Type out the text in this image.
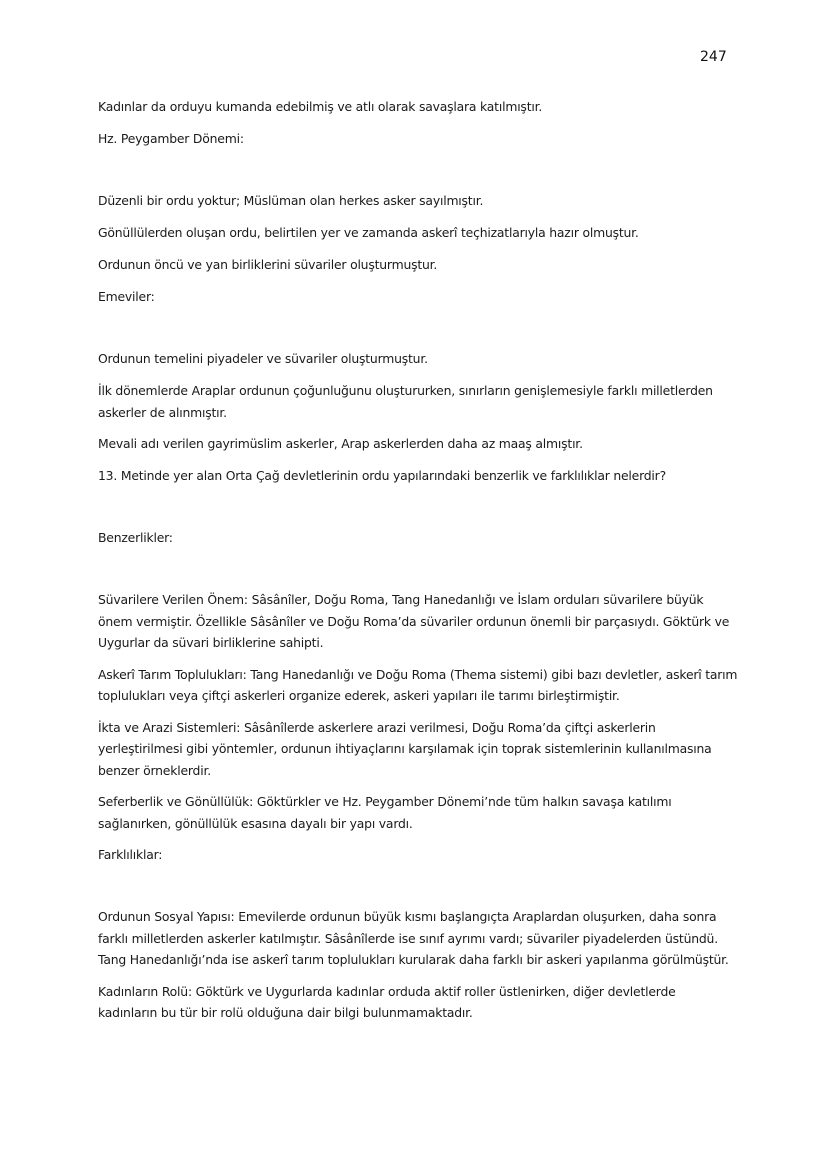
247

Kadınlar da orduyu kumanda edebilmiş ve atlı olarak savaşlara katılmıştır.

Hz. Peygamber Dönemi:

Düzenli bir ordu yoktur; Müslüman olan herkes asker sayılmıştır.

Gönüllülerden oluşan ordu, belirtilen yer ve zamanda askerî teçhizatlarıyla hazır olmuştur.

Ordunun öncü ve yan birliklerini süvariler oluşturmuştur.

Emeviler:

Ordunun temelini piyadeler ve süvariler oluşturmuştur.

İlk dönemlerde Araplar ordunun çoğunluğunu oluştururken, sınırların genişlemesiyle farklı milletlerden askerler de alınmıştır.

Mevali adı verilen gayrimüslim askerler, Arap askerlerden daha az maaş almıştır.

13. Metinde yer alan Orta Çağ devletlerinin ordu yapılarındaki benzerlik ve farklılıklar nelerdir?

Benzerlikler:

Süvarilere Verilen Önem: Sâsânîler, Doğu Roma, Tang Hanedanlığı ve İslam orduları süvarilere büyük önem vermiştir. Özellikle Sâsânîler ve Doğu Roma’da süvariler ordunun önemli bir parçasıydı. Göktürk ve Uygurlar da süvari birliklerine sahipti.

Askerî Tarım Toplulukları: Tang Hanedanlığı ve Doğu Roma (Thema sistemi) gibi bazı devletler, askerî tarım toplulukları veya çiftçi askerleri organize ederek, askeri yapıları ile tarımı birleştirmiştir.

İkta ve Arazi Sistemleri: Sâsânîlerde askerlere arazi verilmesi, Doğu Roma’da çiftçi askerlerin yerleştirilmesi gibi yöntemler, ordunun ihtiyaçlarını karşılamak için toprak sistemlerinin kullanılmasına benzer örneklerdir.

Seferberlik ve Gönüllülük: Göktürkler ve Hz. Peygamber Dönemi’nde tüm halkın savaşa katılımı sağlanırken, gönüllülük esasına dayalı bir yapı vardı.

Farklılıklar:

Ordunun Sosyal Yapısı: Emevilerde ordunun büyük kısmı başlangıçta Araplardan oluşurken, daha sonra farklı milletlerden askerler katılmıştır. Sâsânîlerde ise sınıf ayrımı vardı; süvariler piyadelerden üstündü. Tang Hanedanlığı’nda ise askerî tarım toplulukları kurularak daha farklı bir askeri yapılanma görülmüştür.

Kadınların Rolü: Göktürk ve Uygurlarda kadınlar orduda aktif roller üstlenirken, diğer devletlerde kadınların bu tür bir rolü olduğuna dair bilgi bulunmamaktadır.
